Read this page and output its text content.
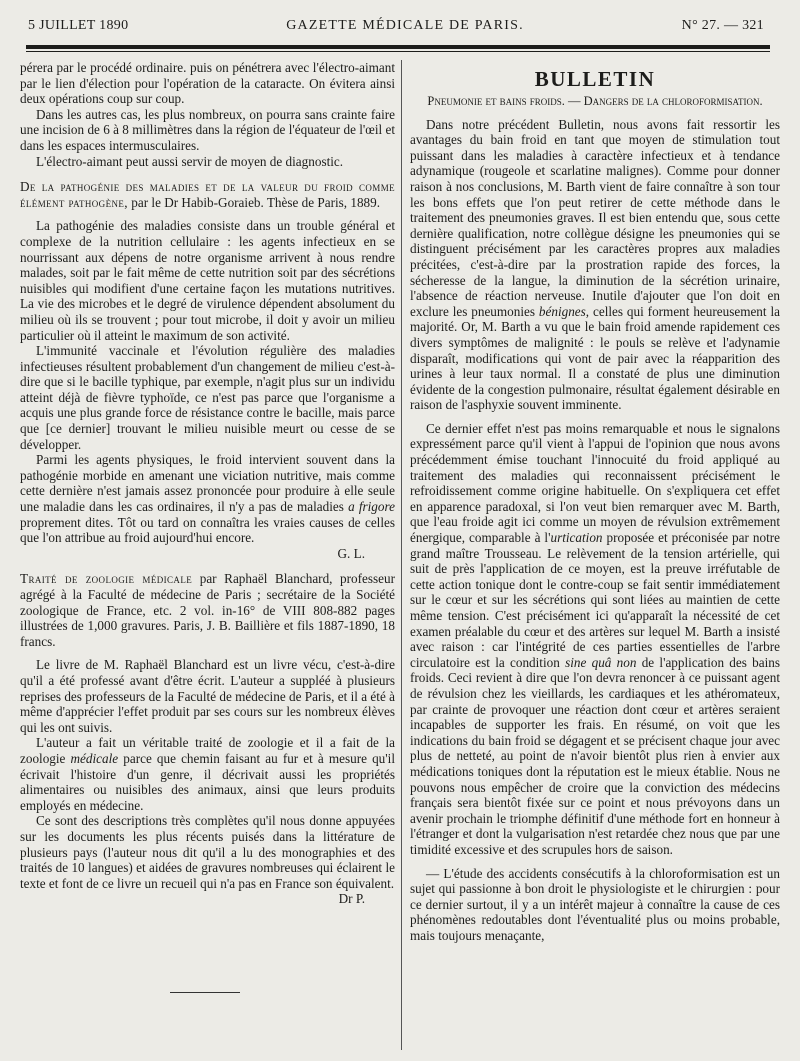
5 JUILLET 1890	GAZETTE MÉDICALE DE PARIS.	N° 27. — 321

pérera par le procédé ordinaire. puis on pénétrera avec l'électro-aimant par le lien d'élection pour l'opération de la cataracte. On évitera ainsi deux opérations coup sur coup.

Dans les autres cas, les plus nombreux, on pourra sans crainte faire une incision de 6 à 8 millimètres dans la région de l'équateur de l'œil et dans les espaces intermusculaires.

L'électro-aimant peut aussi servir de moyen de diagnostic.

De la pathogénie des maladies et de la valeur du froid comme élément pathogène, par le Dr Habib-Goraieb. Thèse de Paris, 1889.

La pathogénie des maladies consiste dans un trouble général et complexe de la nutrition cellulaire : les agents infectieux en se nourrissant aux dépens de notre organisme arrivent à nous rendre malades, soit par le fait même de cette nutrition soit par des sécrétions nuisibles qui modifient d'une certaine façon les mutations nutritives. La vie des microbes et le degré de virulence dépendent absolument du milieu où ils se trouvent ; pour tout microbe, il doit y avoir un milieu particulier où il atteint le maximum de son activité.

L'immunité vaccinale et l'évolution régulière des maladies infectieuses résultent probablement d'un changement de milieu c'est-à-dire que si le bacille typhique, par exemple, n'agit plus sur un individu atteint déjà de fièvre typhoïde, ce n'est pas parce que l'organisme a acquis une plus grande force de résistance contre le bacille, mais parce que [ce dernier] trouvant le milieu nuisible meurt ou cesse de se développer.

Parmi les agents physiques, le froid intervient souvent dans la pathogénie morbide en amenant une viciation nutritive, mais comme cette dernière n'est jamais assez prononcée pour produire à elle seule une maladie dans les cas ordinaires, il n'y a pas de maladies a frigore proprement dites. Tôt ou tard on connaîtra les vraies causes de celles que l'on attribue au froid aujourd'hui encore.

G. L.

Traité de zoologie médicale par Raphaël Blanchard, professeur agrégé à la Faculté de médecine de Paris ; secrétaire de la Société zoologique de France, etc. 2 vol. in-16° de VIII 808-882 pages illustrées de 1,000 gravures. Paris, J. B. Baillière et fils 1887-1890, 18 francs.

Le livre de M. Raphaël Blanchard est un livre vécu, c'est-à-dire qu'il a été professé avant d'être écrit. L'auteur a suppléé à plusieurs reprises des professeurs de la Faculté de médecine de Paris, et il a été à même d'apprécier l'effet produit par ses cours sur les nombreux élèves qui les ont suivis.

L'auteur a fait un véritable traité de zoologie et il a fait de la zoologie médicale parce que chemin faisant au fur et à mesure qu'il écrivait l'histoire d'un genre, il décrivait aussi les propriétés alimentaires ou nuisibles des animaux, ainsi que leurs produits employés en médecine.

Ce sont des descriptions très complètes qu'il nous donne appuyées sur les documents les plus récents puisés dans la littérature de plusieurs pays (l'auteur nous dit qu'il a lu des monographies et des traités de 10 langues) et aidées de gravures nombreuses qui éclairent le texte et font de ce livre un recueil qui n'a pas en France son équivalent.

Dr P.

BULLETIN
Pneumonie et bains froids. — Dangers de la chloroformisation.

Dans notre précédent Bulletin, nous avons fait ressortir les avantages du bain froid en tant que moyen de stimulation tout puissant dans les maladies à caractère infectieux et à tendance adynamique (rougeole et scarlatine malignes). Comme pour donner raison à nos conclusions, M. Barth vient de faire connaître à son tour les bons effets que l'on peut retirer de cette méthode dans le traitement des pneumonies graves. Il est bien entendu que, sous cette dernière qualification, notre collègue désigne les pneumonies qui se distinguent précisément par les caractères propres aux maladies précitées, c'est-à-dire par la prostration rapide des forces, la sécheresse de la langue, la diminution de la sécrétion urinaire, l'absence de réaction nerveuse. Inutile d'ajouter que l'on doit en exclure les pneumonies bénignes, celles qui forment heureusement la majorité. Or, M. Barth a vu que le bain froid amende rapidement ces divers symptômes de malignité : le pouls se relève et l'adynamie disparaît, modifications qui vont de pair avec la réapparition des urines à leur taux normal. Il a constaté de plus une diminution évidente de la congestion pulmonaire, résultat également désirable en raison de l'asphyxie souvent imminente.

Ce dernier effet n'est pas moins remarquable et nous le signalons expressément parce qu'il vient à l'appui de l'opinion que nous avons précédemment émise touchant l'innocuité du froid appliqué au traitement des maladies qui reconnaissent précisément le refroidissement comme origine habituelle. On s'expliquera cet effet en apparence paradoxal, si l'on veut bien remarquer avec M. Barth, que l'eau froide agit ici comme un moyen de révulsion extrêmement énergique, comparable à l'urtication proposée et préconisée par notre grand maître Trousseau. Le relèvement de la tension artérielle, qui suit de près l'application de ce moyen, est la preuve irréfutable de cette action tonique dont le contre-coup se fait sentir immédiatement sur le cœur et sur les sécrétions qui sont liées au maintien de cette même tension. C'est précisément ici qu'apparaît la nécessité de cet examen préalable du cœur et des artères sur lequel M. Barth a insisté avec raison : car l'intégrité de ces parties essentielles de l'arbre circulatoire est la condition sine quâ non de l'application des bains froids. Ceci revient à dire que l'on devra renoncer à ce puissant agent de révulsion chez les vieillards, les cardiaques et les athéromateux, par crainte de provoquer une réaction dont cœur et artères seraient incapables de supporter les frais. En résumé, on voit que les indications du bain froid se dégagent et se précisent chaque jour avec plus de netteté, au point de n'avoir bientôt plus rien à envier aux médications toniques dont la réputation est le mieux établie. Nous ne pouvons nous empêcher de croire que la conviction des médecins français sera bientôt fixée sur ce point et nous prévoyons dans un avenir prochain le triomphe définitif d'une méthode fort en honneur à l'étranger et dont la vulgarisation n'est retardée chez nous que par une timidité excessive et des scrupules hors de saison.

— L'étude des accidents consécutifs à la chloroformisation est un sujet qui passionne à bon droit le physiologiste et le chirurgien : pour ce dernier surtout, il y a un intérêt majeur à connaître la cause de ces phénomènes redoutables dont l'éventualité plus ou moins probable, mais toujours menaçante,
